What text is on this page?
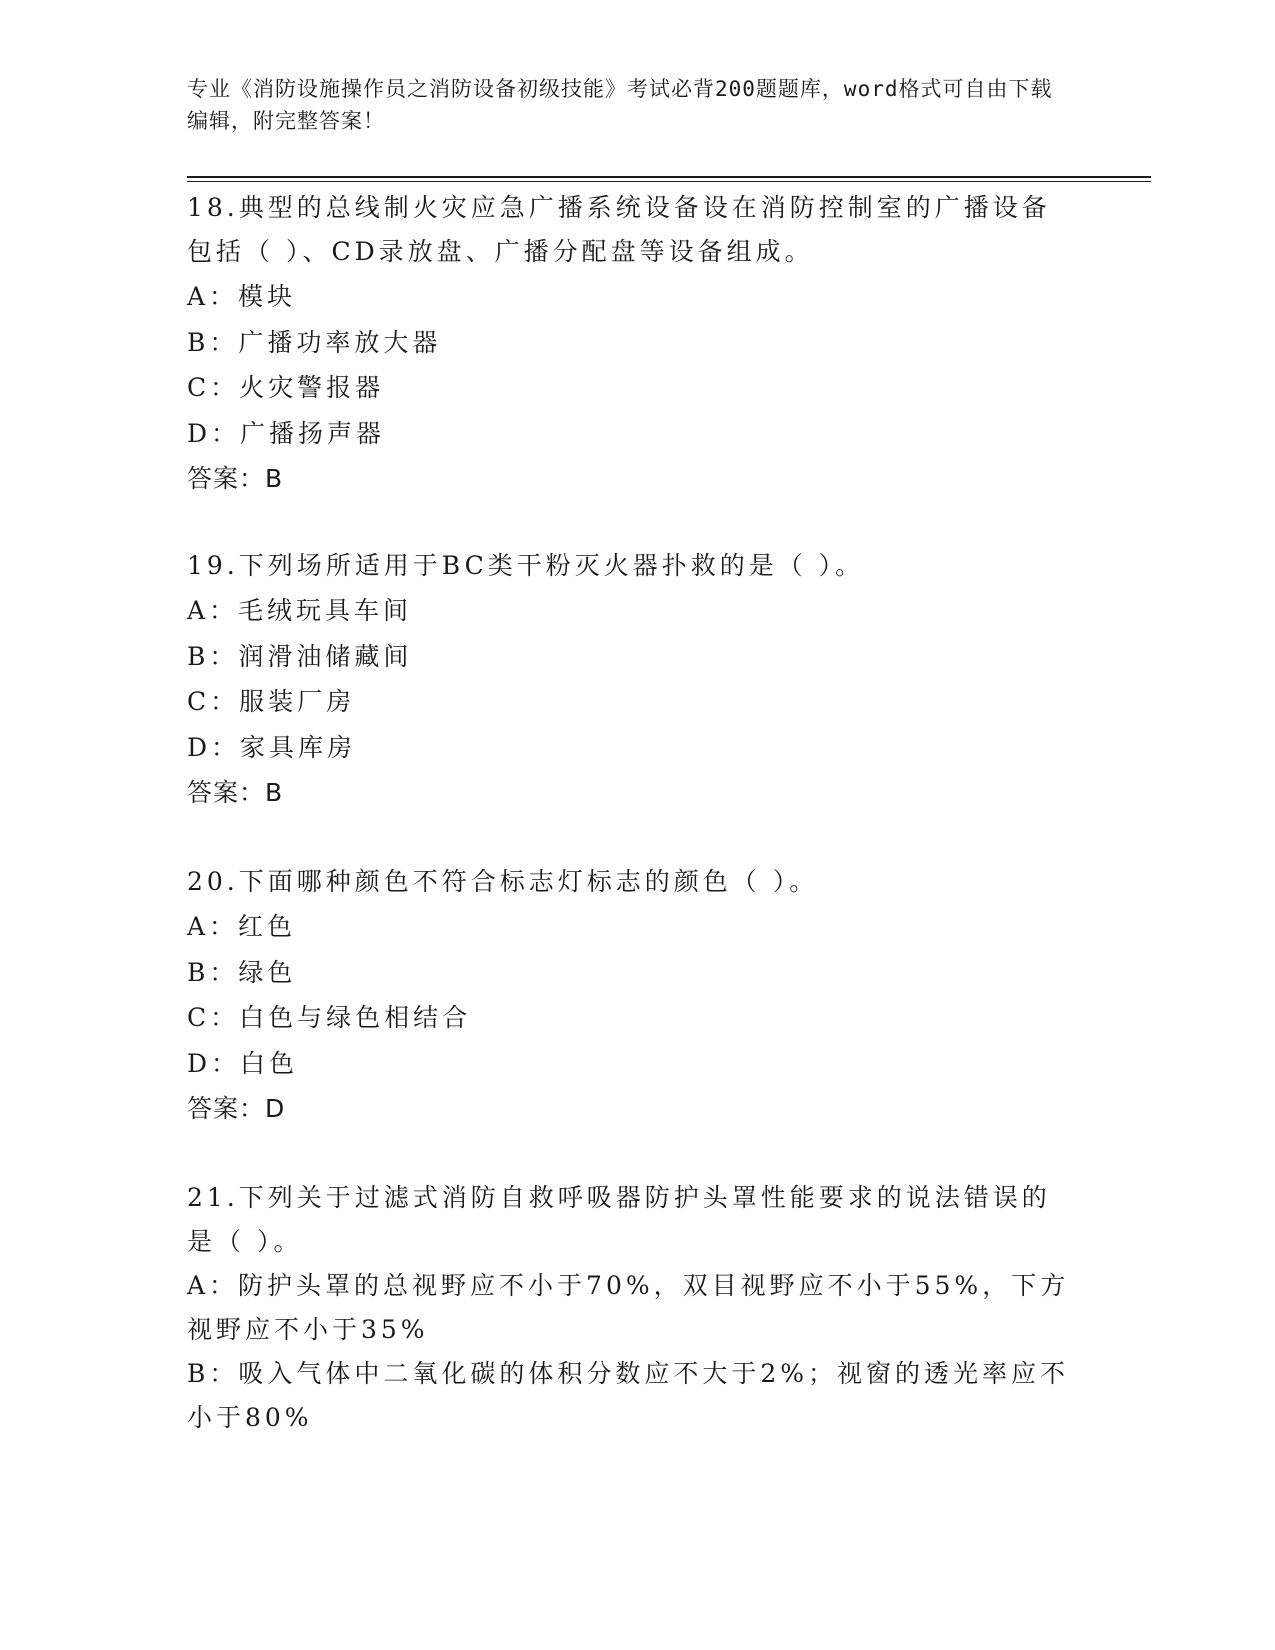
专业《消防设施操作员之消防设备初级技能》考试必背200题题库，word格式可自由下载编辑，附完整答案！
18.典型的总线制火灾应急广播系统设备设在消防控制室的广播设备包括（ ）、CD录放盘、广播分配盘等设备组成。
A：模块
B：广播功率放大器
C：火灾警报器
D：广播扬声器
答案：B
19.下列场所适用于BC类干粉灭火器扑救的是（ ）。
A：毛绒玩具车间
B：润滑油储藏间
C：服装厂房
D：家具库房
答案：B
20.下面哪种颜色不符合标志灯标志的颜色（ ）。
A：红色
B：绿色
C：白色与绿色相结合
D：白色
答案：D
21.下列关于过滤式消防自救呼吸器防护头罩性能要求的说法错误的是（ ）。
A：防护头罩的总视野应不小于70%，双目视野应不小于55%，下方视野应不小于35%
B：吸入气体中二氧化碳的体积分数应不大于2%；视窗的透光率应不小于80%
